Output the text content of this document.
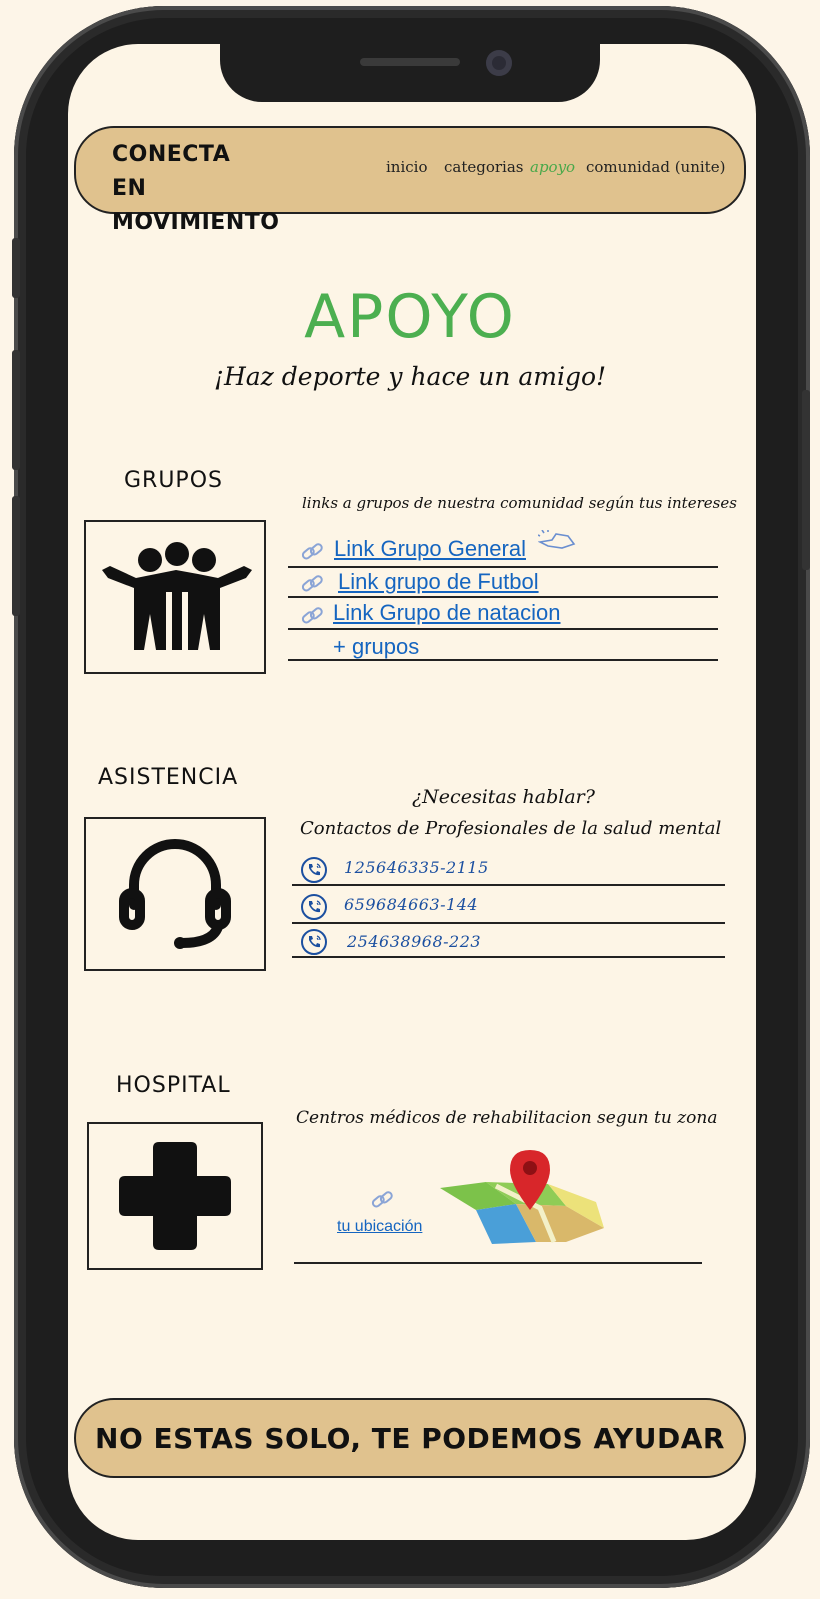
CONECTA EN
MOVIMIENTO
inicio categorias apoyo comunidad (unite)
APOYO
¡Haz deporte y hace un amigo!
GRUPOS
links a grupos de nuestra comunidad según tus intereses
Link Grupo General
Link grupo de Futbol
Link Grupo de natacion
+ grupos
ASISTENCIA
¿Necesitas hablar?
Contactos de Profesionales de la salud mental
125646335-2115
659684663-144
254638968-223
HOSPITAL
Centros médicos de rehabilitacion segun tu zona
tu ubicación
NO ESTAS SOLO, TE PODEMOS AYUDAR
